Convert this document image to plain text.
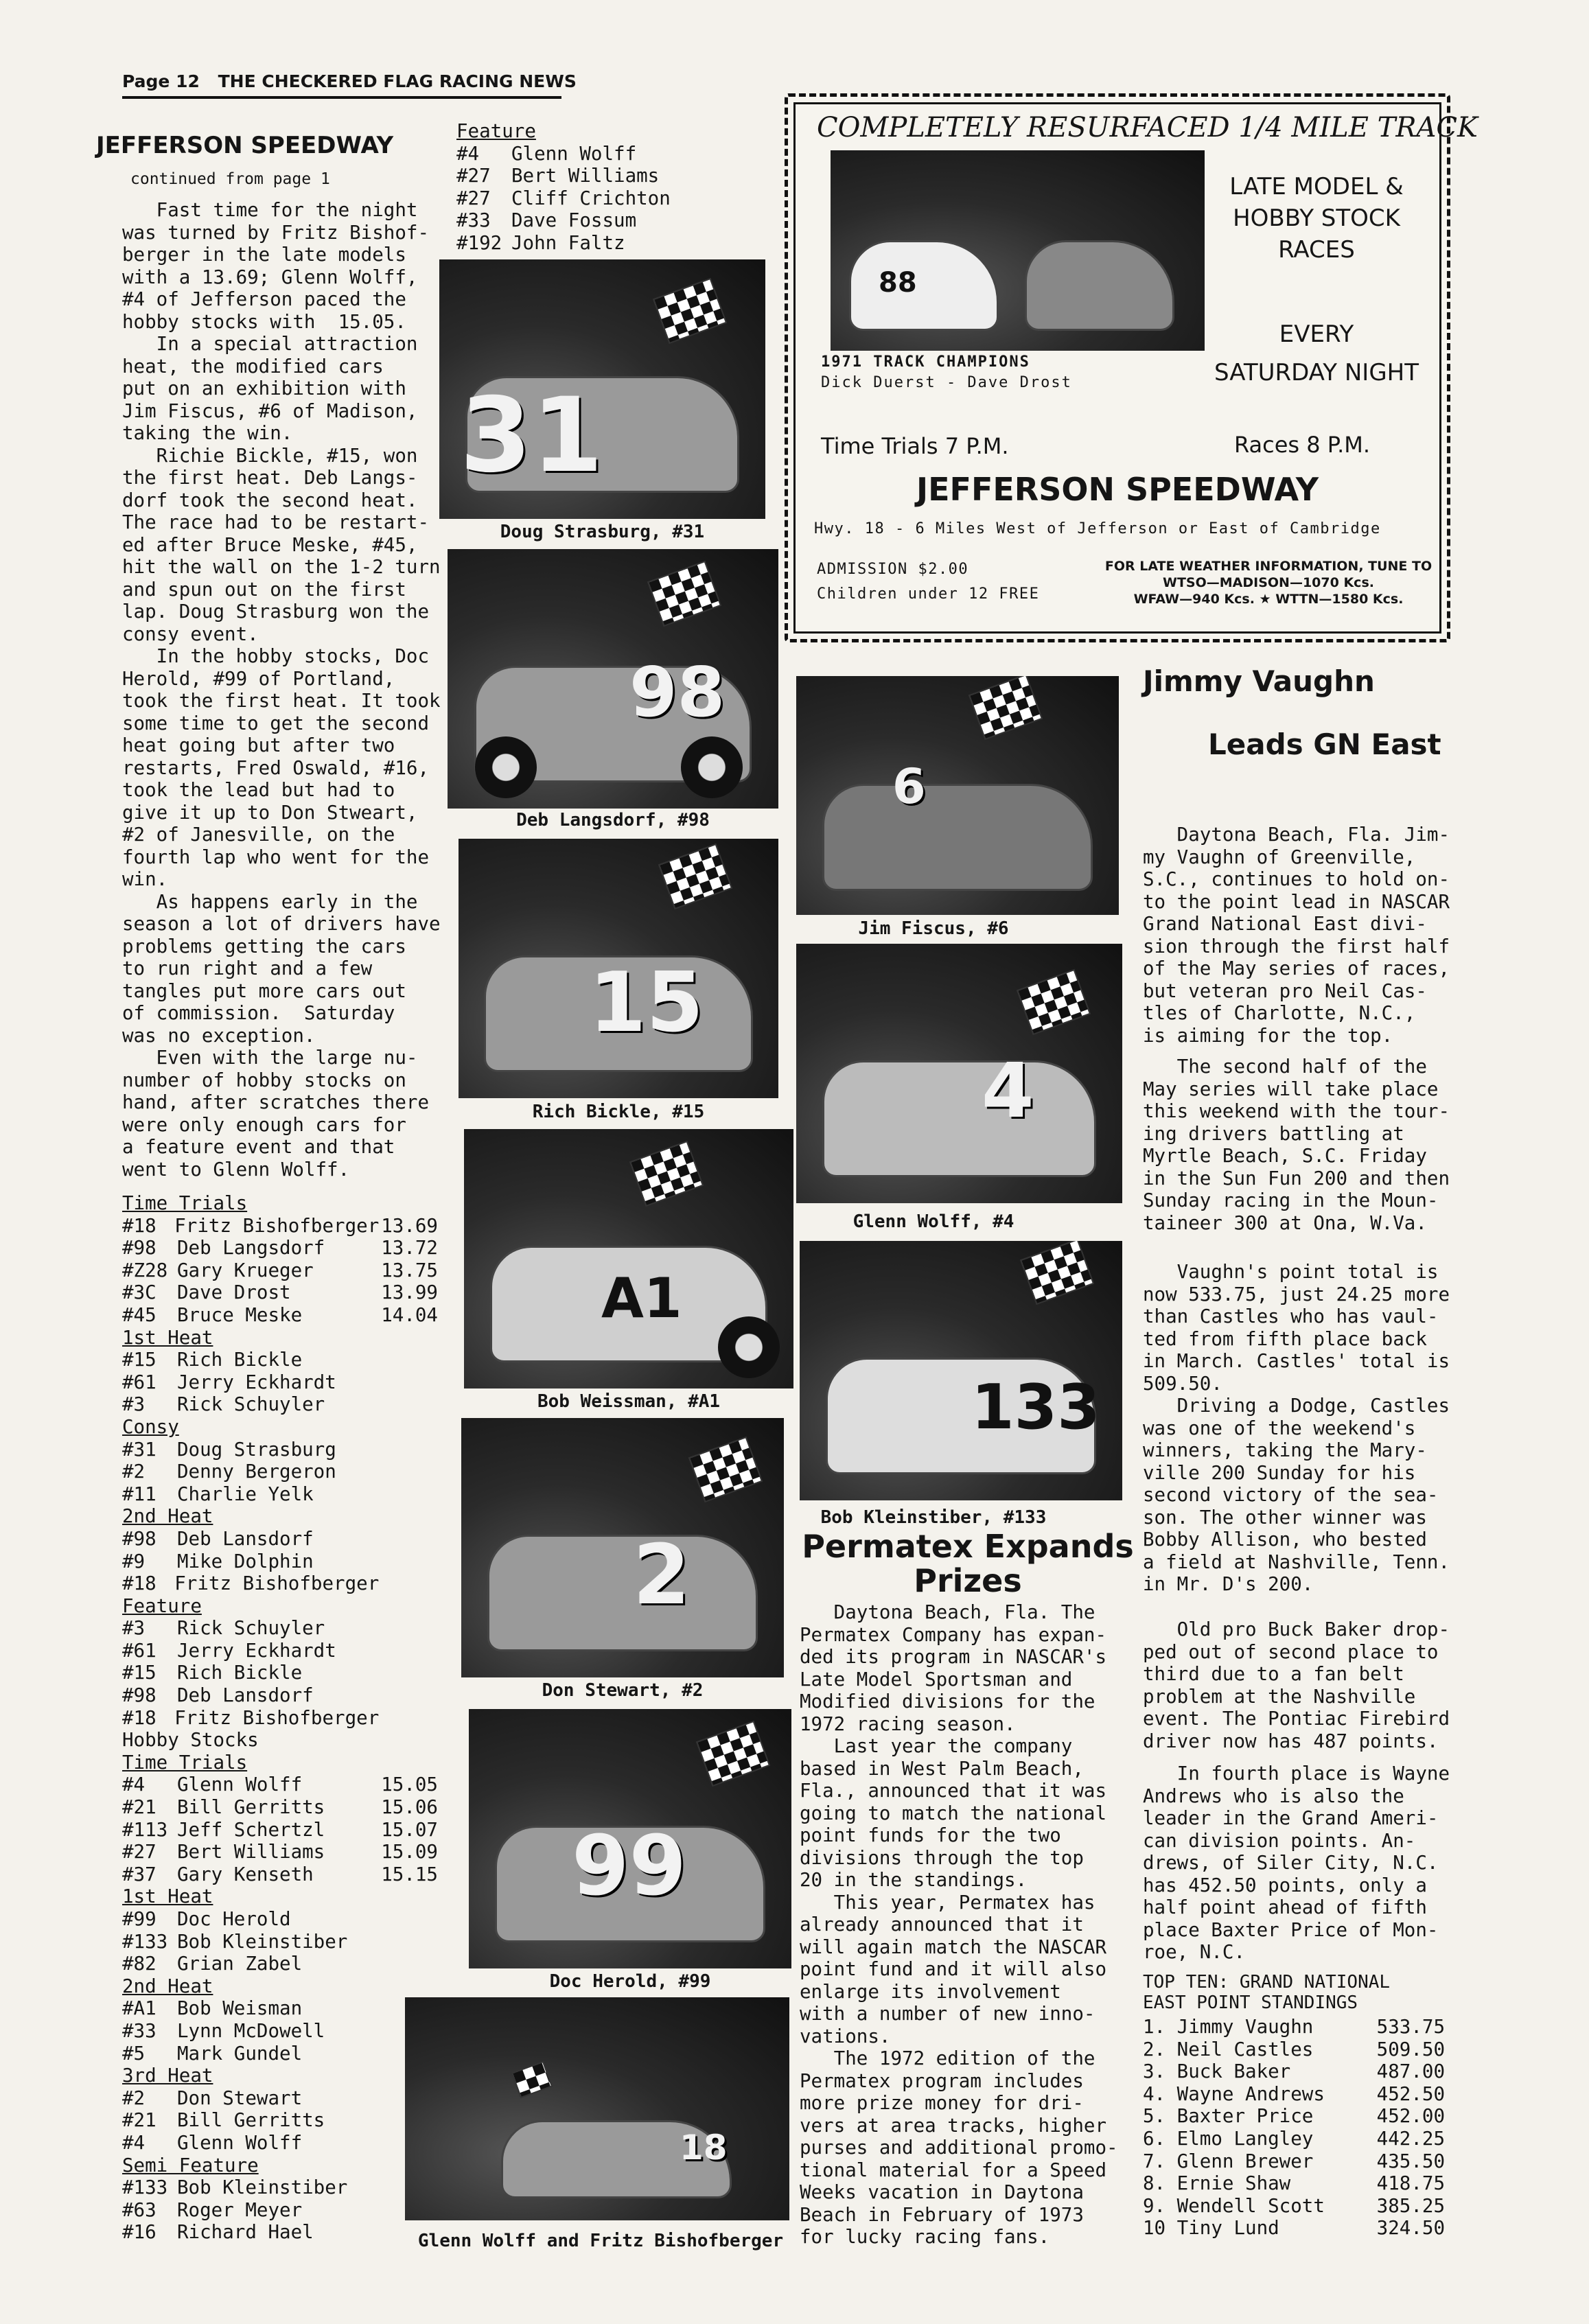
Page 12 THE CHECKERED FLAG RACING NEWS
JEFFERSON SPEEDWAY
continued from page 1
Fast time for the night
was turned by Fritz Bishof-
berger in the late models
with a 13.69; Glenn Wolff,
#4 of Jefferson paced the
hobby stocks with  15.05.
In a special attraction
heat, the modified cars
put on an exhibition with
Jim Fiscus, #6 of Madison,
taking the win.
Richie Bickle, #15, won
the first heat. Deb Langs-
dorf took the second heat.
The race had to be restart-
ed after Bruce Meske, #45,
hit the wall on the 1-2 turn
and spun out on the first
lap. Doug Strasburg won the
consy event.
In the hobby stocks, Doc
Herold, #99 of Portland,
took the first heat. It took
some time to get the second
heat going but after two
restarts, Fred Oswald, #16,
took the lead but had to
give it up to Don Stweart,
#2 of Janesville, on the
fourth lap who went for the
win.
As happens early in the
season a lot of drivers have
problems getting the cars
to run right and a few
tangles put more cars out
of commission.  Saturday
was no exception.
Even with the large nu-
number of hobby stocks on
hand, after scratches there
were only enough cars for
a feature event and that
went to Glenn Wolff.
Time Trials
#18 Fritz Bishofberger 13.69
#98	Deb Langsdorf	13.72
#Z28 Gary Krueger	13.75
#3C	Dave Drost	13.99
#45	Bruce Meske	14.04
1st Heat
#15	Rich Bickle
#61	Jerry Eckhardt
#3	Rick Schuyler
Consy
#31	Doug Strasburg
#2	Denny Bergeron
#11	Charlie Yelk
2nd Heat
#98	Deb Lansdorf
#9	Mike Dolphin
#18 Fritz Bishofberger
Feature
#3	Rick Schuyler
#61	Jerry Eckhardt
#15	Rich Bickle
#98	Deb Lansdorf
#18 Fritz Bishofberger
Hobby Stocks
Time Trials
#4	Glenn Wolff	15.05
#21	Bill Gerritts	15.06
#113 Jeff Schertzl	15.07
#27	Bert Williams	15.09
#37	Gary Kenseth	15.15
1st Heat
#99	Doc Herold
#133 Bob Kleinstiber
#82	Grian Zabel
2nd Heat
#A1	Bob Weisman
#33	Lynn McDowell
#5	Mark Gundel
3rd Heat
#2	Don Stewart
#21	Bill Gerritts
#4	Glenn Wolff
Semi Feature
#133 Bob Kleinstiber
#63	Roger Meyer
#16	Richard Hael
Feature
#4	Glenn Wolff
#27	Bert Williams
#27	Cliff Crichton
#33	Dave Fossum
#192 John Faltz
31
Doug Strasburg, #31
98
Deb Langsdorf, #98
15
Rich Bickle, #15
A1
Bob Weissman, #A1
2
Don Stewart, #2
99
Doc Herold, #99
18
Glenn Wolff and Fritz Bishofberger
6
Jim Fiscus, #6
4
Glenn Wolff, #4
133
Bob Kleinstiber, #133
COMPLETELY RESURFACED 1/4 MILE TRACK
88
LATE MODEL &
HOBBY STOCK
RACES
EVERY
SATURDAY NIGHT
1971 TRACK CHAMPIONS
Dick Duerst - Dave Drost
Time Trials 7 P.M.	Races 8 P.M.
JEFFERSON SPEEDWAY
Hwy. 18 - 6 Miles West of Jefferson or East of Cambridge
ADMISSION $2.00
Children under 12 FREE
FOR LATE WEATHER INFORMATION, TUNE TO
WTSO—MADISON—1070 Kcs.
WFAW—940 Kcs. ★ WTTN—1580 Kcs.
Permatex Expands
Prizes
Daytona Beach, Fla. The
Permatex Company has expan-
ded its program in NASCAR's
Late Model Sportsman and
Modified divisions for the
1972 racing season.
Last year the company
based in West Palm Beach,
Fla., announced that it was
going to match the national
point funds for the two
divisions through the top
20 in the standings.
This year, Permatex has
already announced that it
will again match the NASCAR
point fund and it will also
enlarge its involvement
with a number of new inno-
vations.
The 1972 edition of the
Permatex program includes
more prize money for dri-
vers at area tracks, higher
purses and additional promo-
tional material for a Speed
Weeks vacation in Daytona
Beach in February of 1973
for lucky racing fans.
Jimmy Vaughn
Leads GN East
Daytona Beach, Fla. Jim-
my Vaughn of Greenville,
S.C., continues to hold on-
to the point lead in NASCAR
Grand National East divi-
sion through the first half
of the May series of races,
but veteran pro Neil Cas-
tles of Charlotte, N.C.,
is aiming for the top.
The second half of the
May series will take place
this weekend with the tour-
ing drivers battling at
Myrtle Beach, S.C. Friday
in the Sun Fun 200 and then
Sunday racing in the Moun-
taineer 300 at Ona, W.Va.
Vaughn's point total is
now 533.75, just 24.25 more
than Castles who has vaul-
ted from fifth place back
in March. Castles' total is
509.50.
Driving a Dodge, Castles
was one of the weekend's
winners, taking the Mary-
ville 200 Sunday for his
second victory of the sea-
son. The other winner was
Bobby Allison, who bested
a field at Nashville, Tenn.
in Mr. D's 200.
Old pro Buck Baker drop-
ped out of second place to
third due to a fan belt
problem at the Nashville
event. The Pontiac Firebird
driver now has 487 points.
In fourth place is Wayne
Andrews who is also the
leader in the Grand Ameri-
can division points. An-
drews, of Siler City, N.C.
has 452.50 points, only a
half point ahead of fifth
place Baxter Price of Mon-
roe, N.C.
TOP TEN: GRAND NATIONAL
EAST POINT STANDINGS
1. Jimmy Vaughn	533.75
2. Neil Castles	509.50
3. Buck Baker	487.00
4. Wayne Andrews	452.50
5. Baxter Price	452.00
6. Elmo Langley	442.25
7. Glenn Brewer	435.50
8. Ernie Shaw	418.75
9. Wendell Scott	385.25
10 Tiny Lund	324.50
